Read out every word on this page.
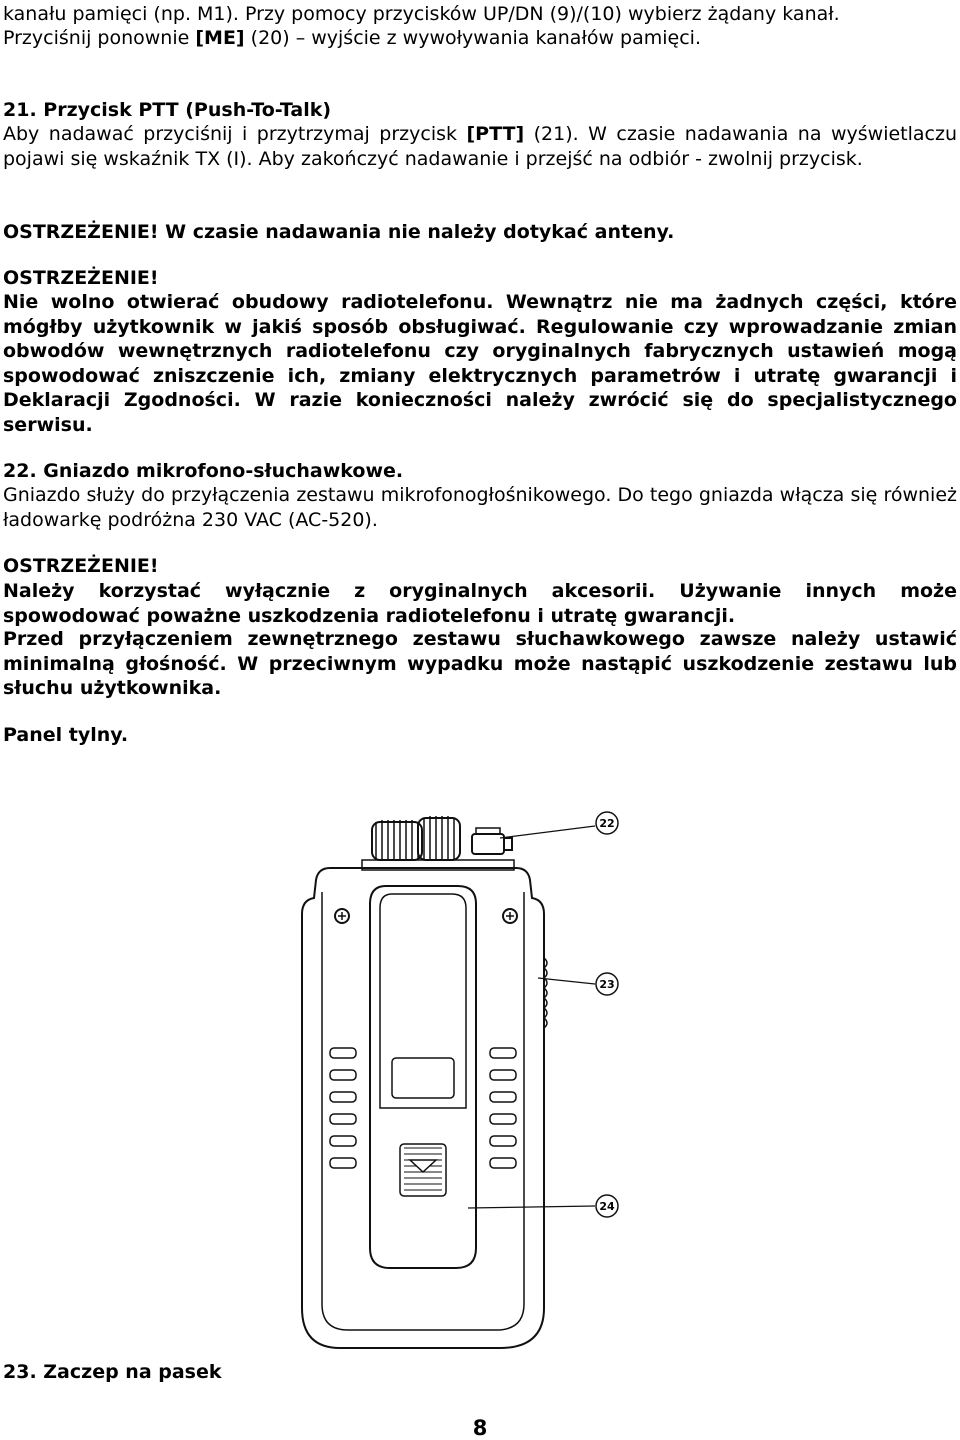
kanału pamięci (np. M1). Przy pomocy przycisków UP/DN (9)/(10) wybierz żądany kanał.

Przyciśnij ponownie [ME] (20) – wyjście z wywoływania kanałów pamięci.

21. Przycisk PTT (Push-To-Talk)

Aby nadawać przyciśnij i przytrzymaj przycisk [PTT] (21). W czasie nadawania na wyświetlaczu pojawi się wskaźnik TX (I). Aby zakończyć nadawanie i przejść na odbiór - zwolnij przycisk.

OSTRZEŻENIE! W czasie nadawania nie należy dotykać anteny.

OSTRZEŻENIE!

Nie wolno otwierać obudowy radiotelefonu. Wewnątrz nie ma żadnych części, które mógłby użytkownik w jakiś sposób obsługiwać. Regulowanie czy wprowadzanie zmian obwodów wewnętrznych radiotelefonu czy oryginalnych fabrycznych ustawień mogą spowodować zniszczenie ich, zmiany elektrycznych parametrów i utratę gwarancji i Deklaracji Zgodności. W razie konieczności należy zwrócić się do specjalistycznego serwisu.

22. Gniazdo mikrofono-słuchawkowe.

Gniazdo służy do przyłączenia zestawu mikrofonogłośnikowego. Do tego gniazda włącza się również ładowarkę podróżna 230 VAC (AC-520).

OSTRZEŻENIE!

Należy korzystać wyłącznie z oryginalnych akcesorii. Używanie innych może spowodować poważne uszkodzenia radiotelefonu i utratę gwarancji.

Przed przyłączeniem zewnętrznego zestawu słuchawkowego zawsze należy ustawić minimalną głośność. W przeciwnym wypadku może nastąpić uszkodzenie zestawu lub słuchu użytkownika.

Panel tylny.

22
23
24
23. Zaczep na pasek
8
